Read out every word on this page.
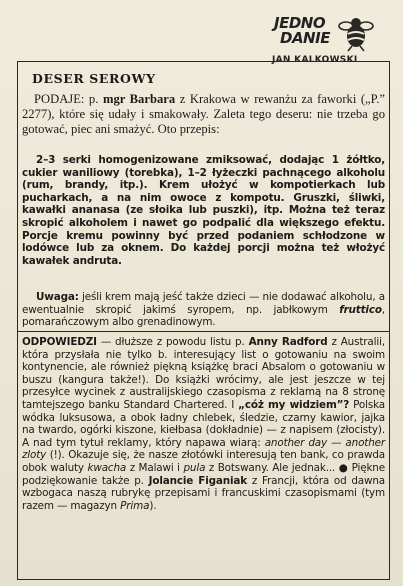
JEDNO
DANIE
JAN KALKOWSKI
DESER SEROWY

PODAJE: p. mgr Barbara z Krakowa w rewanżu za faworki („P.” 2277), które się udały i smakowały. Zaleta tego deseru: nie trzeba go gotować, piec ani smażyć. Oto przepis:

2–3 serki homogenizowane zmiksować, dodając 1 żółtko, cukier waniliowy (torebka), 1–2 łyżeczki pachnącego alkoholu (rum, brandy, itp.). Krem ułożyć w kompotierkach lub pucharkach, a na nim owoce z kompotu. Gruszki, śliwki, kawałki ananasa (ze słoika lub puszki), itp. Można też teraz skropić alkoholem i nawet go podpalić dla większego efektu. Porcje kremu powinny być przed podaniem schłodzone w lodówce lub za oknem. Do każdej porcji można też włożyć kawałek andruta.
Uwaga: jeśli krem mają jeść także dzieci — nie dodawać alkoholu, a ewentualnie skropić jakimś syropem, np. jabłkowym fruttico, pomarańczowym albo grenadinowym.
ODPOWIEDZI — dłuższe z powodu listu p. Anny Radford z Australii, która przysłała nie tylko b. interesujący list o gotowaniu na swoim kontynencie, ale również piękną książkę braci Absalom o gotowaniu w buszu (kangura także!). Do książki wrócimy, ale jest jeszcze w tej przesyłce wycinek z australijskiego czasopisma z reklamą na 8 stronę tamtejszego banku Standard Chartered. I „cóż my widziem”? Polska wódka luksusowa, a obok ładny chlebek, śledzie, czarny kawior, jajka na twardo, ogórki kiszone, kiełbasa (dokładnie) — z napisem (złocisty). A nad tym tytuł reklamy, który napawa wiarą: another day — another zloty (!). Okazuje się, że nasze złotówki interesują ten bank, co prawda obok waluty kwacha z Malawi i pula z Botswany. Ale jednak... ● Piękne podziękowanie także p. Jolancie Figaniak z Francji, która od dawna wzbogaca naszą rubrykę przepisami i francuskimi czasopismami (tym razem — magazyn Prima).
